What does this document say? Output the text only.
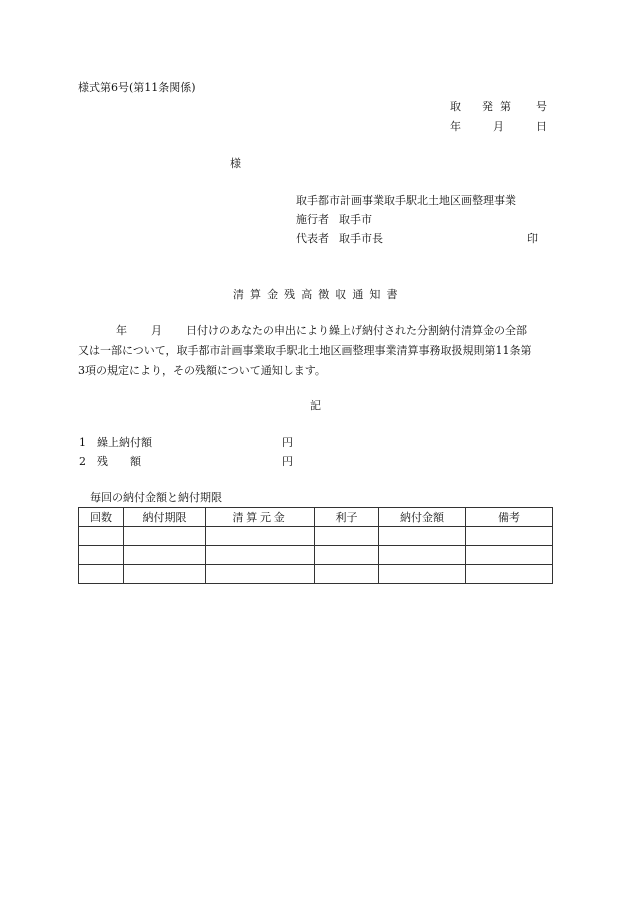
様式第6号(第11条関係)
取 発 第 号
年	月	日
様
取手都市計画事業取手駅北土地区画整理事業
施行者 取手市
代表者 取手市長	印
清算金残高徴収通知書
年 月 日付けのあなたの申出により繰上げ納付された分割納付清算金の全部
又は一部について，取手都市計画事業取手駅北土地区画整理事業清算事務取扱規則第11条第
3項の規定により，その残額について通知します。
記
1 繰上納付額	円
2 残　　額	円
毎回の納付金額と納付期限
回数	納付期限	清算元金	利子	納付金額	備考
